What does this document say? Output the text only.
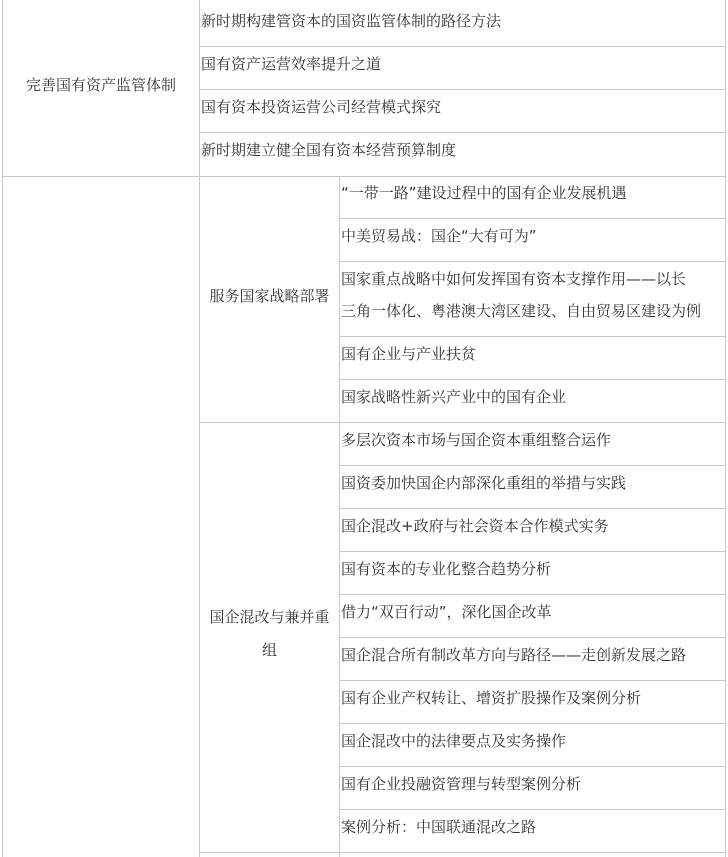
完善国有资产监管体制
新时期构建管资本的国资监管体制的路径方法
国有资产运营效率提升之道
国有资本投资运营公司经营模式探究
新时期建立健全国有资本经营预算制度
服务国家战略部署
“一带一路”建设过程中的国有企业发展机遇
中美贸易战：国企“大有可为”
国家重点战略中如何发挥国有资本支撑作用——以长
三角一体化、粤港澳大湾区建设、自由贸易区建设为例
国有企业与产业扶贫
国家战略性新兴产业中的国有企业
国企混改与兼并重
组
多层次资本市场与国企资本重组整合运作
国资委加快国企内部深化重组的举措与实践
国企混改+政府与社会资本合作模式实务
国有资本的专业化整合趋势分析
借力“双百行动”，深化国企改革
国企混合所有制改革方向与路径——走创新发展之路
国有企业产权转让、增资扩股操作及案例分析
国企混改中的法律要点及实务操作
国有企业投融资管理与转型案例分析
案例分析：中国联通混改之路
